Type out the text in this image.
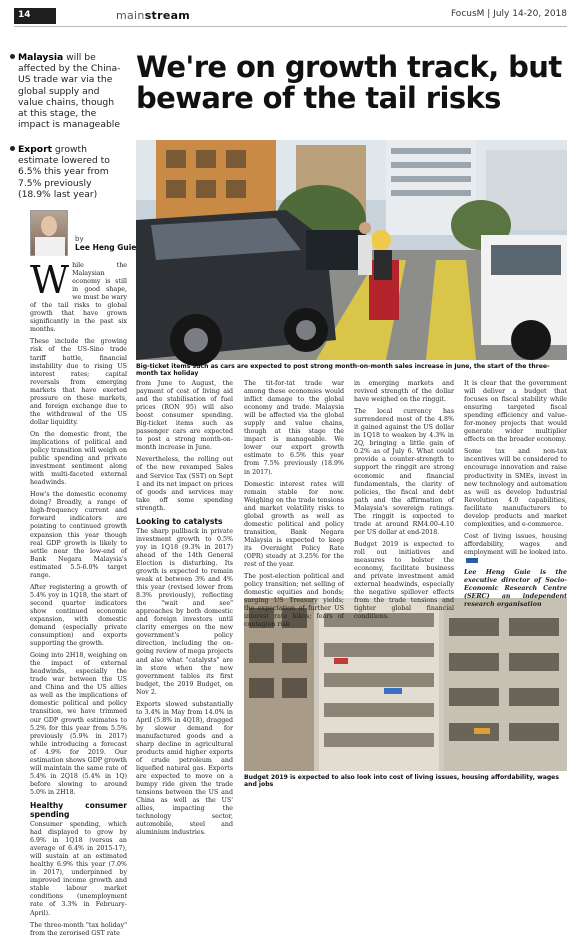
14	mainstream	FocusM | July 14-20, 2018
Malaysia will be affected by the China-US trade war via the global supply and value chains, though at this stage, the impact is manageable
Export growth estimate lowered to 6.5% this year from 7.5% previously (18.9% last year)
We're on growth track, but beware of the tail risks
by
Lee Heng Guie
Big-ticket items such as cars are expected to post strong month-on-month sales increase in June, the start of the three-month tax holiday
Budget 2019 is expected to also look into cost of living issues, housing affordability, wages and jobs

While the Malaysian economy is still in good shape, we must be wary of the tail risks to global growth that have grown significantly in the past six months.

These include the growing risk of the US-Sino trade tariff battle, financial instability due to rising US interest rates; capital reversals from emerging markets that have exerted pressure on these markets, and foreign exchange due to the withdrawal of the US dollar liquidity.

On the domestic front, the implications of political and policy transition will weigh on public spending and private investment sentiment along with multi-faceted external headwinds.

How's the domestic economy doing? Broadly, a range of high-frequency current and forward indicators are pointing to continued growth expansion this year though real GDP growth is likely to settle near the low-end of Bank Negara Malaysia's estimated 5.5-6.0% target range.

After registering a growth of 5.4% yoy in 1Q18, the start of second quarter indicators show continued economic expansion, with domestic demand (especially private consumption) and exports supporting the growth.

Going into 2H18, weighing on the impact of external headwinds, especially the trade war between the US and China and the US allies as well as the implications of domestic political and policy transition, we have trimmed our GDP growth estimates to 5.2% for this year from 5.5% previously (5.9% in 2017) while introducing a forecast of 4.9% for 2019. Our estimation shows GDP growth will maintain the same rate of 5.4% in 2Q18 (5.4% in 1Q) before slowing to around 5.0% in 2H18.

Healthy consumer spending

Consumer spending, which had displayed to grow by 6.9% in 1Q18 (versus an average of 6.4% in 2015-17), will sustain at an estimated healthy 6.9% this year (7.0% in 2017), underpinned by improved income growth and stable labour market conditions (unemployment rate of 3.3% in February-April).

The three-month "tax holiday" from the zerorised GST rate

from June to August, the payment of cost of living aid and the stabilisation of fuel prices (RON 95) will also boost consumer spending. Big-ticket items such as passenger cars are expected to post a strong month-on-month increase in June.

Nevertheless, the rolling out of the new revamped Sales and Service Tax (SST) on Sept 1 and its net impact on prices of goods and services may take off some spending strength.

Looking to catalysts

The sharp pullback in private investment growth to 0.5% yoy in 1Q18 (9.3% in 2017) ahead of the 14th General Election is disturbing. Its growth is expected to remain weak at between 3% and 4% this year (revised lower from 8.3% previously), reflecting the "wait and see" approaches by both domestic and foreign investors until clarity emerges on the new government's policy direction, including the on-going review of mega projects and also what "catalysts" are in store when the new government tables its first budget, the 2019 Budget, on Nov 2.

Exports slowed substantially to 3.4% in May from 14.0% in April (5.8% in 4Q18), dragged by slower demand for manufactured goods and a sharp decline in agricultural products amid higher exports of crude petroleum and liquefied natural gas. Exports are expected to move on a bumpy ride given the trade tensions between the US and China as well as the US' allies, impacting the technology sector, automobile, steel and aluminium industries.

The tit-for-tat trade war among these economies would inflict damage to the global economy and trade. Malaysia will be affected via the global supply and value chains, though at this stage the impact is manageable. We lower our export growth estimate to 6.5% this year from 7.5% previously (18.9% in 2017).

Domestic interest rates will remain stable for now. Weighing on the trade tensions and market volatility risks to global growth as well as domestic political and policy transition, Bank Negara Malaysia is expected to keep its Overnight Policy Rate (OPR) steady at 3.25% for the rest of the year.

The post-election political and policy transition; net selling of domestic equities and bonds; surging US Treasury yields; the expectation of further US interest rate hikes; fears of contagion risk

in emerging markets and revived strength of the dollar have weighed on the ringgit.

The local currency has surrendered most of the 4.8% it gained against the US dollar in 1Q18 to weaken by 4.3% in 2Q, bringing a little gain of 0.2% as of July 6. What could provide a counter-strength to support the ringgit are strong economic and financial fundamentals, the clarity of policies, the fiscal and debt path and the affirmation of Malaysia's sovereign ratings. The ringgit is expected to trade at around RM4.00-4.10 per US dollar at end-2018.

Budget 2019 is expected to roll out initiatives and measures to bolster the economy, facilitate business and private investment amid external headwinds, especially the negative spillover effects from the trade tensions and tighter global financial conditions.

It is clear that the government will deliver a budget that focuses on fiscal stability while ensuring targeted fiscal spending efficiency and value-for-money projects that would generate wider multiplier effects on the broader economy.

Some tax and non-tax incentives will be considered to encourage innovation and raise productivity in SMEs, invest in new technology and automation as well as develop Industrial Revolution 4.0 capabilities, facilitate manufacturers to develop products and market complexities, and e-commerce.

Cost of living issues, housing affordability, wages and employment will be looked into.

Lee Heng Guie is the executive director of Socio-Economic Research Centre (SERC) an independent research organisation
